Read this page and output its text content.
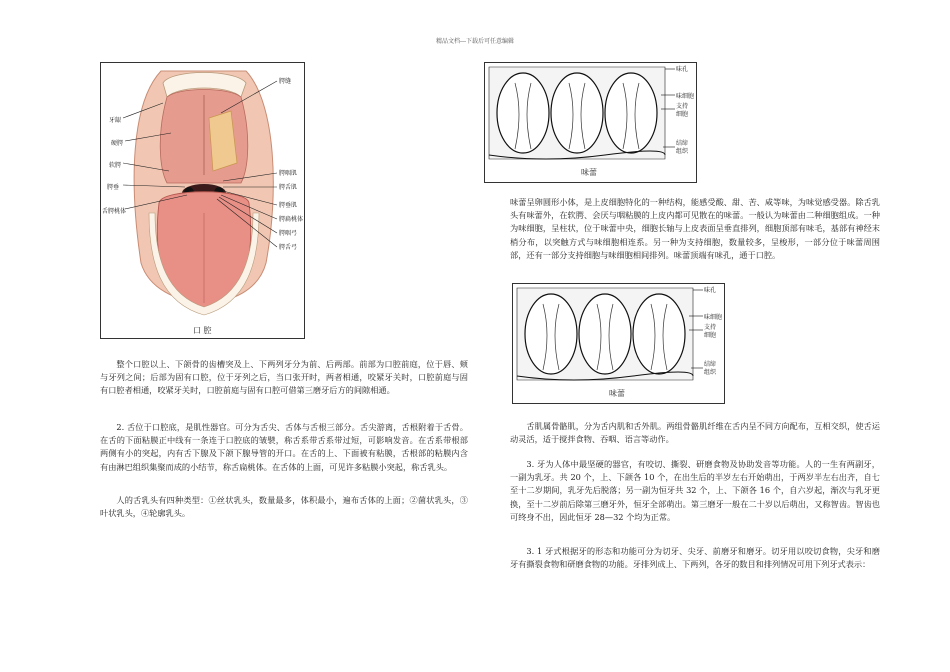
精品文档---下载后可任意编辑
牙龈
硬腭
软腭
腭垂
舌腭桃体
腭缝
腭咽肌
腭舌肌
腭垂肌
腭扁桃体
腭咽弓
腭舌弓
口 腔
味孔
味细胞
支持
细胞
结缔
组织
味蕾
味孔
味细胞
支持
细胞
结缔
组织
味蕾

整个口腔以上、下颌骨的齿槽突及上、下两列牙分为前、后两部。前部为口腔前庭，位于唇、颊与牙列之间；后部为固有口腔，位于牙列之后，当口张开时，两者相通，咬紧牙关时，口腔前庭与固有口腔者相通，咬紧牙关时，口腔前庭与固有口腔可借第三磨牙后方的间隙相通。

2. 舌位于口腔底，是肌性器官。可分为舌尖、舌体与舌根三部分。舌尖游离，舌根附着于舌骨。在舌的下面粘膜正中线有一条连于口腔底的皱襞，称舌系带舌系带过短，可影响发音。在舌系带根部两侧有小的突起，内有舌下腺及下颌下腺导管的开口。在舌的上、下面被有粘膜，舌根部的粘膜内含有由淋巴组织集聚而成的小结节，称舌扁桃体。在舌体的上面，可见许多粘膜小突起，称舌乳头。

人的舌乳头有四种类型：①丝状乳头，数量最多，体积最小，遍布舌体的上面；②菌状乳头，③叶状乳头，④轮廓乳头。

味蕾呈卵圆形小体，是上皮细胞特化的一种结构，能感受酸、甜、苦、咸等味，为味觉感受器。除舌乳头有味蕾外，在软腭、会厌与咽粘膜的上皮内都可见散在的味蕾。一般认为味蕾由二种细胞组成。一种为味细胞，呈柱状，位于味蕾中央，细胞长轴与上皮表面呈垂直排列，细胞顶部有味毛，基部有神经末梢分布，以突触方式与味细胞相连系。另一种为支持细胞，数量较多，呈梭形，一部分位于味蕾周围部，还有一部分支持细胞与味细胞相间排列。味蕾顶端有味孔，通于口腔。

舌肌属骨骼肌，分为舌内肌和舌外肌。两组骨骼肌纤维在舌内呈不同方向配布，互相交织，使舌运动灵活，适于搅拌食物、吞咽、语言等动作。

3. 牙为人体中最坚硬的器官，有咬切、撕裂、研磨食物及协助发音等功能。人的一生有两副牙，一副为乳牙。共 20 个，上、下颌各 10 个，在出生后的半岁左右开始萌出，于两岁半左右出齐，自七至十二岁期间，乳牙先后脱落；另一副为恒牙共 32 个，上、下颌各 16 个，自六岁起，渐次与乳牙更换，至十二岁前后除第三磨牙外，恒牙全部萌出。第三磨牙一般在二十岁以后萌出，又称智齿。智齿也可终身不出，因此恒牙 28—32 个均为正常。

3. 1 牙式根据牙的形态和功能可分为切牙、尖牙、前磨牙和磨牙。切牙用以咬切食物，尖牙和磨牙有撕裂食物和研磨食物的功能。牙排列成上、下两列，各牙的数目和排列情况可用下列牙式表示：
